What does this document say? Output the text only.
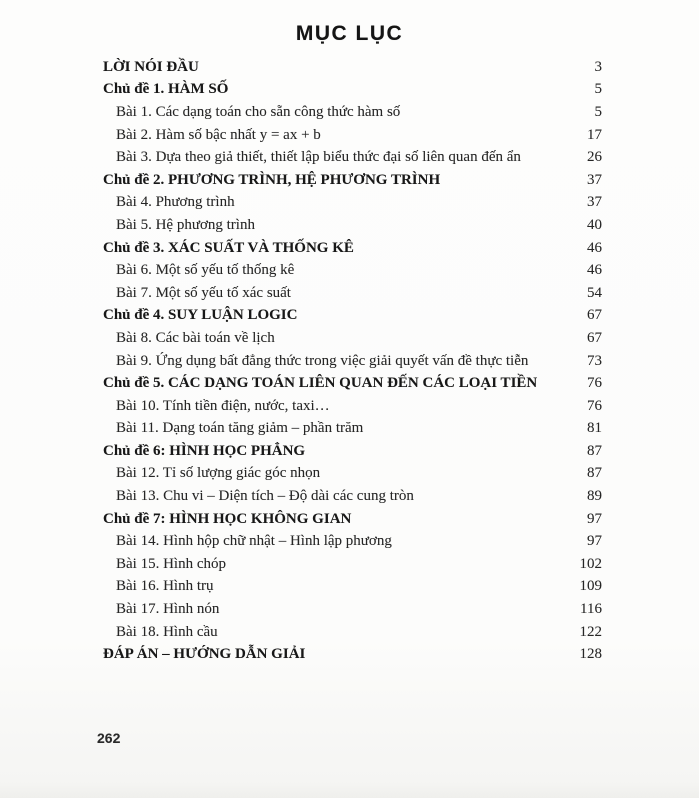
MỤC LỤC
LỜI NÓI ĐẦU	3
Chủ đề 1. HÀM SỐ	5
Bài 1. Các dạng toán cho sẵn công thức hàm số	5
Bài 2. Hàm số bậc nhất y = ax + b	17
Bài 3. Dựa theo giả thiết, thiết lập biểu thức đại số liên quan đến ẩn	26
Chủ đề 2. PHƯƠNG TRÌNH, HỆ PHƯƠNG TRÌNH	37
Bài 4. Phương trình	37
Bài 5. Hệ phương trình	40
Chủ đề 3. XÁC SUẤT VÀ THỐNG KÊ	46
Bài 6. Một số yếu tố thống kê	46
Bài 7. Một số yếu tố xác suất	54
Chủ đề 4. SUY LUẬN LOGIC	67
Bài 8. Các bài toán về lịch	67
Bài 9. Ứng dụng bất đẳng thức trong việc giải quyết vấn đề thực tiễn	73
Chủ đề 5. CÁC DẠNG TOÁN LIÊN QUAN ĐẾN CÁC LOẠI TIỀN	76
Bài 10. Tính tiền điện, nước, taxi…	76
Bài 11. Dạng toán tăng giảm – phần trăm	81
Chủ đề 6: HÌNH HỌC PHẲNG	87
Bài 12. Tỉ số lượng giác góc nhọn	87
Bài 13. Chu vi – Diện tích – Độ dài các cung tròn	89
Chủ đề 7: HÌNH HỌC KHÔNG GIAN	97
Bài 14. Hình hộp chữ nhật – Hình lập phương	97
Bài 15. Hình chóp	102
Bài 16. Hình trụ	109
Bài 17. Hình nón	116
Bài 18. Hình cầu	122
ĐÁP ÁN – HƯỚNG DẪN GIẢI	128
262
